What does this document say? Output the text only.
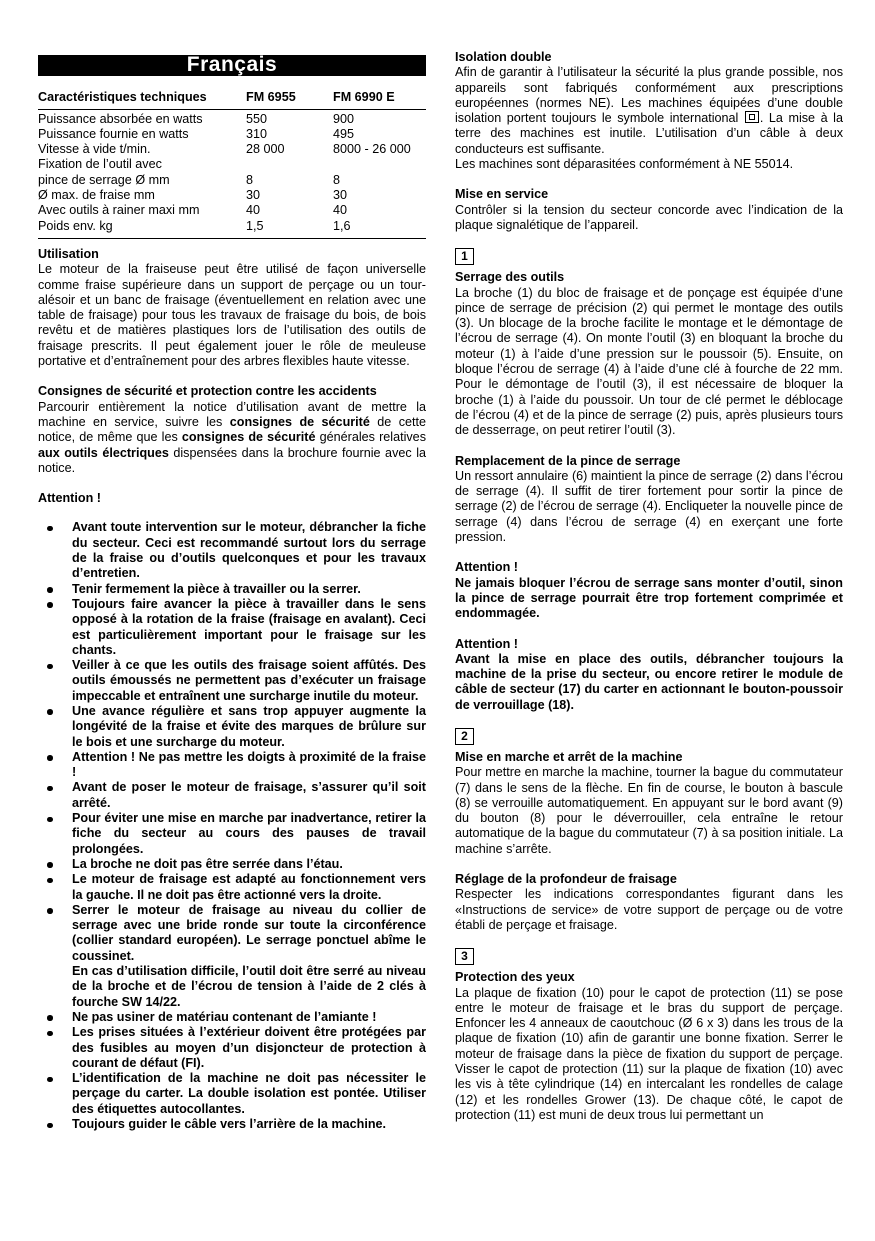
Français
Caractéristiques techniques	FM 6955	FM 6990 E
Puissance absorbée en watts	550	900
Puissance fournie en watts	310	495
Vitesse à vide t/min.	28 000	8000 - 26 000
Fixation de l’outil avec
pince de serrage Ø mm	8	8
Ø max. de fraise mm	30	30
Avec outils à rainer maxi mm	40	40
Poids env. kg	1,5	1,6
Utilisation
Le moteur de la fraiseuse peut être utilisé de façon universelle comme fraise supérieure dans un support de perçage ou un tour-alésoir et un banc de fraisage (éventuellement en relation avec une table de fraisage) pour tous les travaux de fraisage du bois, de bois revêtu et de matières plastiques lors de l’utilisation des outils de fraisage prescrits. Il peut également jouer le rôle de meuleuse portative et d’entraînement pour des arbres flexibles haute vitesse.
Consignes de sécurité et protection contre les accidents
Parcourir entièrement la notice d’utilisation avant de mettre la machine en service, suivre les consignes de sécurité de cette notice, de même que les consignes de sécurité générales relatives aux outils électriques dispensées dans la brochure fournie avec la notice.
Attention !
Avant toute intervention sur le moteur, débrancher la fiche du secteur. Ceci est recommandé surtout lors du serrage de la fraise ou d’outils quelconques et pour les travaux d’entretien.
Tenir fermement la pièce à travailler ou la serrer.
Toujours faire avancer la pièce à travailler dans le sens opposé à la rotation de la fraise (fraisage en avalant). Ceci est particulièrement important pour le fraisage sur les chants.
Veiller à ce que les outils des fraisage soient affûtés. Des outils émoussés ne permettent pas d’exécuter un fraisage impeccable et entraînent une surcharge inutile du moteur.
Une avance régulière et sans trop appuyer augmente la longévité de la fraise et évite des marques de brûlure sur le bois et une surcharge du moteur.
Attention ! Ne pas mettre les doigts à proximité de la fraise !
Avant de poser le moteur de fraisage, s’assurer qu’il soit arrêté.
Pour éviter une mise en marche par inadvertance, retirer la fiche du secteur au cours des pauses de travail prolongées.
La broche ne doit pas être serrée dans l’étau.
Le moteur de fraisage est adapté au fonctionnement vers la gauche. Il ne doit pas être actionné vers la droite.
Serrer le moteur de fraisage au niveau du collier de serrage avec une bride ronde sur toute la circonférence (collier standard européen). Le serrage ponctuel abîme le coussinet.
En cas d’utilisation difficile, l’outil doit être serré au niveau de la broche et de l’écrou de tension à l’aide de 2 clés à fourche SW 14/22.
Ne pas usiner de matériau contenant de l’amiante !
Les prises situées à l’extérieur doivent être protégées par des fusibles au moyen d’un disjoncteur de protection à courant de défaut (FI).
L’identification de la machine ne doit pas nécessiter le perçage du carter. La double isolation est pontée. Utiliser des étiquettes autocollantes.
Toujours guider le câble vers l’arrière de la machine.
Isolation double
Afin de garantir à l’utilisateur la sécurité la plus grande possible, nos appareils sont fabriqués conformément aux prescriptions européennes (normes NE). Les machines équipées d’une double isolation portent toujours le symbole international . La mise à la terre des machines est inutile. L’utilisation d’un câble à deux conducteurs est suffisante.
Les machines sont déparasitées conformément à NE 55014.
Mise en service
Contrôler si la tension du secteur concorde avec l’indication de la plaque signalétique de l’appareil.
1
Serrage des outils
La broche (1) du bloc de fraisage et de ponçage est équipée d’une pince de serrage de précision (2) qui permet le montage des outils (3). Un blocage de la broche facilite le montage et le démontage de l’écrou de serrage (4). On monte l’outil (3) en bloquant la broche du moteur (1) à l’aide d’une pression sur le poussoir (5). Ensuite, on bloque l’écrou de serrage (4) à l’aide d’une clé à fourche de 22 mm. Pour le démontage de l’outil (3), il est nécessaire de bloquer la broche (1) à l’aide du poussoir. Un tour de clé permet le déblocage de l’écrou (4) et de la pince de serrage (2) puis, après plusieurs tours de desserrage, on peut retirer l’outil (3).
Remplacement de la pince de serrage
Un ressort annulaire (6) maintient la pince de serrage (2) dans l’écrou de serrage (4). Il suffit de tirer fortement pour sortir la pince de serrage (2) de l’écrou de serrage (4). Encliqueter la nouvelle pince de serrage (4) dans l’écrou de serrage (4) en exerçant une forte pression.
Attention !
Ne jamais bloquer l’écrou de serrage sans monter d’outil, sinon la pince de serrage pourrait être trop fortement comprimée et endommagée.
Attention !
Avant la mise en place des outils, débrancher toujours la machine de la prise du secteur, ou encore retirer le module de câble de secteur (17) du carter en actionnant le bouton-poussoir de verrouillage (18).
2
Mise en marche et arrêt de la machine
Pour mettre en marche la machine, tourner la bague du commutateur (7) dans le sens de la flèche. En fin de course, le bouton à bascule (8) se verrouille automatiquement. En appuyant sur le bord avant (9) du bouton (8) pour le déverrouiller, cela entraîne le retour automatique de la bague du commutateur (7) à sa position initiale. La machine s’arrête.
Réglage de la profondeur de fraisage
Respecter les indications correspondantes figurant dans les «Instructions de service» de votre support de perçage ou de votre établi de perçage et fraisage.
3
Protection des yeux
La plaque de fixation (10) pour le capot de protection (11) se pose entre le moteur de fraisage et le bras du support de perçage. Enfoncer les 4 anneaux de caoutchouc (Ø 6 x 3) dans les trous de la plaque de fixation (10) afin de garantir une bonne fixation. Serrer le moteur de fraisage dans la pièce de fixation du support de perçage. Visser le capot de protection (11) sur la plaque de fixation (10) avec les vis à tête cylindrique (14) en intercalant les rondelles de calage (12) et les rondelles Grower (13). De chaque côté, le capot de protection (11) est muni de deux trous lui permettant un
